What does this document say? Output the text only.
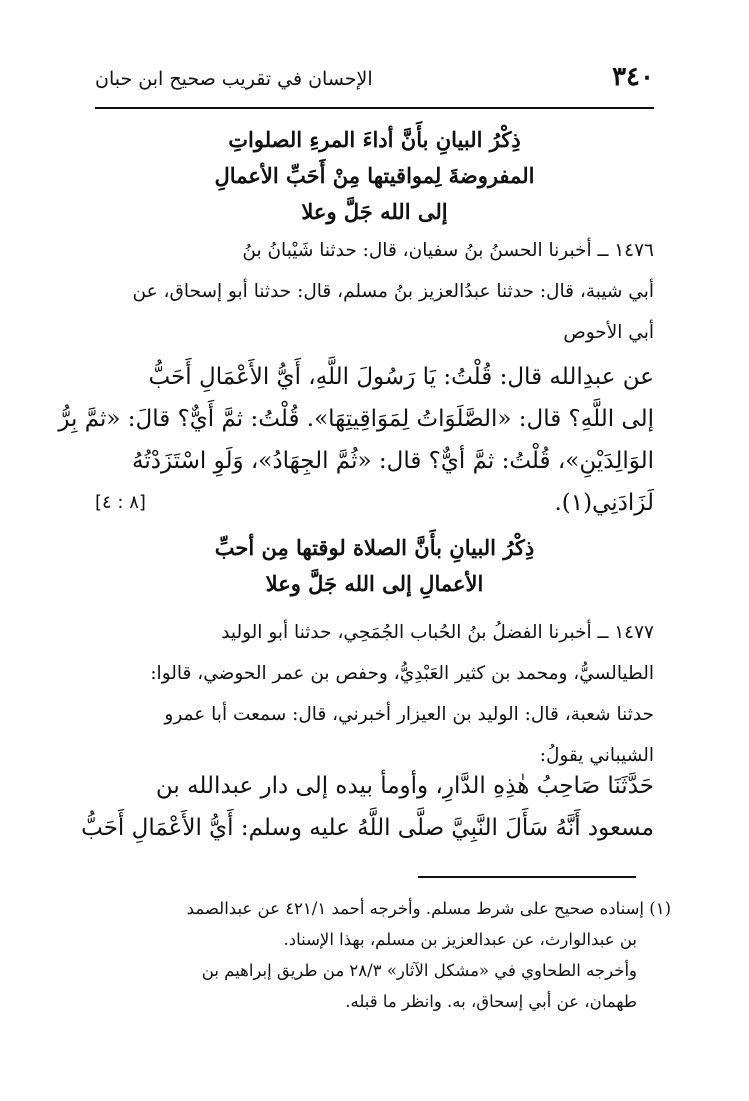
٣٤٠
الإحسان في تقريب صحيح ابن حبان
ذِكْرُ البيانِ بأَنَّ أداءَ المرءِ الصلواتِ
المفروضةَ لِمواقيتها مِنْ أَحَبِّ الأعمالِ
إلى الله جَلَّ وعلا
١٤٧٦ ــ أخبرنا الحسنُ بنُ سفيان، قال: حدثنا شَيْبانُ بنُ
أبي شيبة، قال: حدثنا عبدُالعزيز بنُ مسلم، قال: حدثنا أبو إسحاق، عن
أبي الأحوص
عن عبدِالله قال: قُلْتُ: يَا رَسُولَ اللَّهِ، أَيُّ الأَعْمَالِ أَحَبُّ
إلى اللَّهِ؟ قال: «الصَّلَوَاتُ لِمَوَاقِيتِهَا». قُلْتُ: ثمَّ أَيٌّ؟ قالَ: «ثمَّ بِرُّ
الوَالِدَيْنِ»، قُلْتُ: ثمَّ أيٌّ؟ قال: «ثُمَّ الجِهَادُ»، وَلَوِ اسْتَزَدْتُهُ
لَزَادَنِي(١).
[٨ : ٤]
ذِكْرُ البيانِ بأَنَّ الصلاة لوقتها مِن أحبِّ
الأعمالِ إلى الله جَلَّ وعلا
١٤٧٧ ــ أخبرنا الفضلُ بنُ الحُباب الجُمَحِي، حدثنا أبو الوليد
الطيالسيُّ، ومحمد بن كثير العَبْدِيُّ، وحفص بن عمر الحوضي، قالوا:
حدثنا شعبة، قال: الوليد بن العيزار أخبرني، قال: سمعت أبا عمرو
الشيباني يقولُ:
حَدَّثَنَا صَاحِبُ هٰذِهِ الدَّارِ، وأومأ بيده إلى دار عبدالله بن
مسعود أَنَّهُ سَأَلَ النَّبِيَّ صلَّى اللَّهُ عليه وسلم: أَيُّ الأَعْمَالِ أَحَبُّ
(١) إسناده صحيح على شرط مسلم. وأخرجه أحمد ٤٢١/١ عن عبدالصمد
بن عبدالوارث، عن عبدالعزيز بن مسلم، بهذا الإسناد.
وأخرجه الطحاوي في «مشكل الآثار» ٢٨/٣ من طريق إبراهيم بن
طهمان، عن أبي إسحاق، به. وانظر ما قبله.
